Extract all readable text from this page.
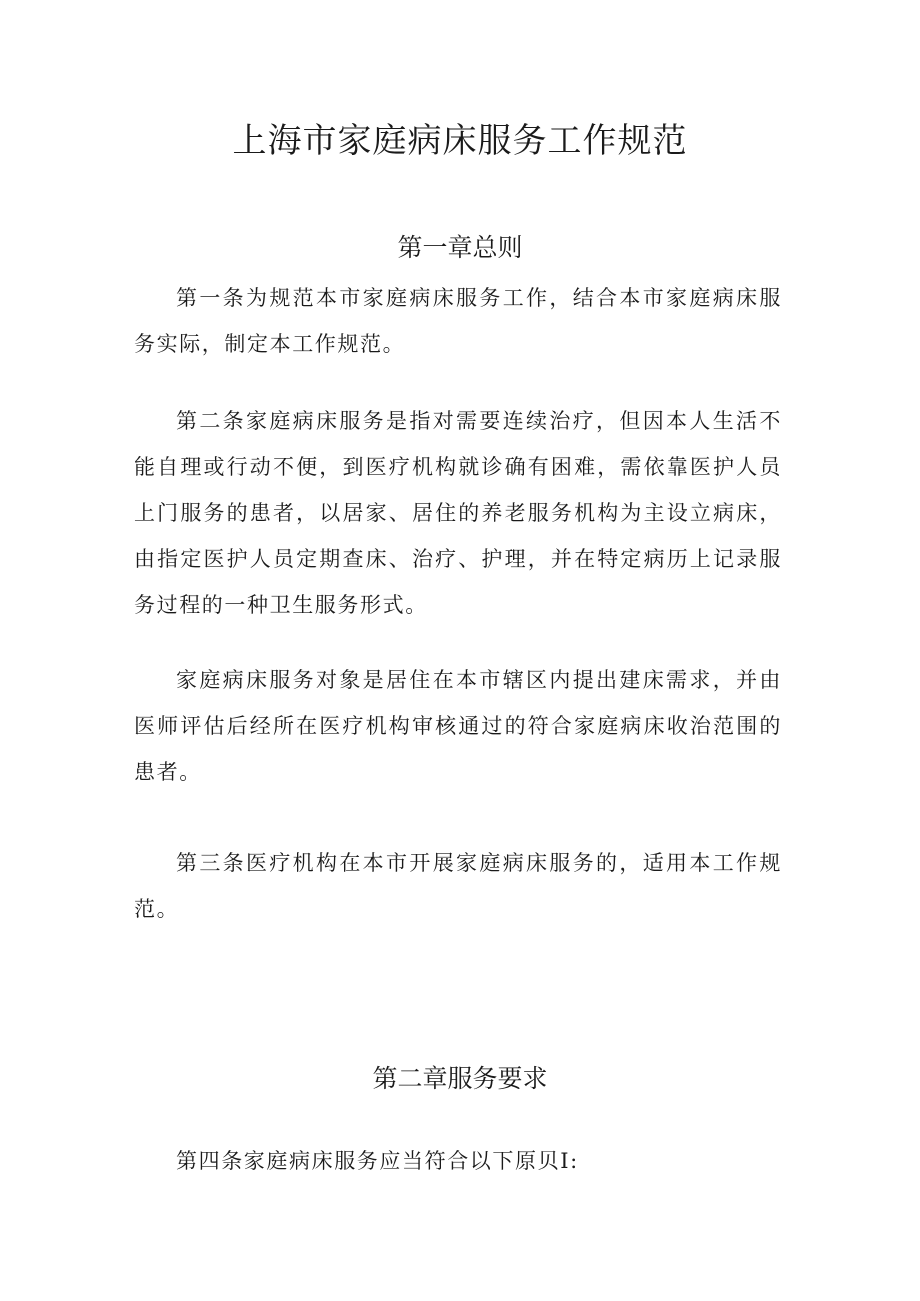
上海市家庭病床服务工作规范
第一章总则

第一条为规范本市家庭病床服务工作，结合本市家庭病床服务实际，制定本工作规范。

第二条家庭病床服务是指对需要连续治疗，但因本人生活不能自理或行动不便，到医疗机构就诊确有困难，需依靠医护人员上门服务的患者，以居家、居住的养老服务机构为主设立病床，由指定医护人员定期查床、治疗、护理，并在特定病历上记录服务过程的一种卫生服务形式。

家庭病床服务对象是居住在本市辖区内提出建床需求，并由医师评估后经所在医疗机构审核通过的符合家庭病床收治范围的患者。

第三条医疗机构在本市开展家庭病床服务的，适用本工作规范。

第二章服务要求

第四条家庭病床服务应当符合以下原贝I:
